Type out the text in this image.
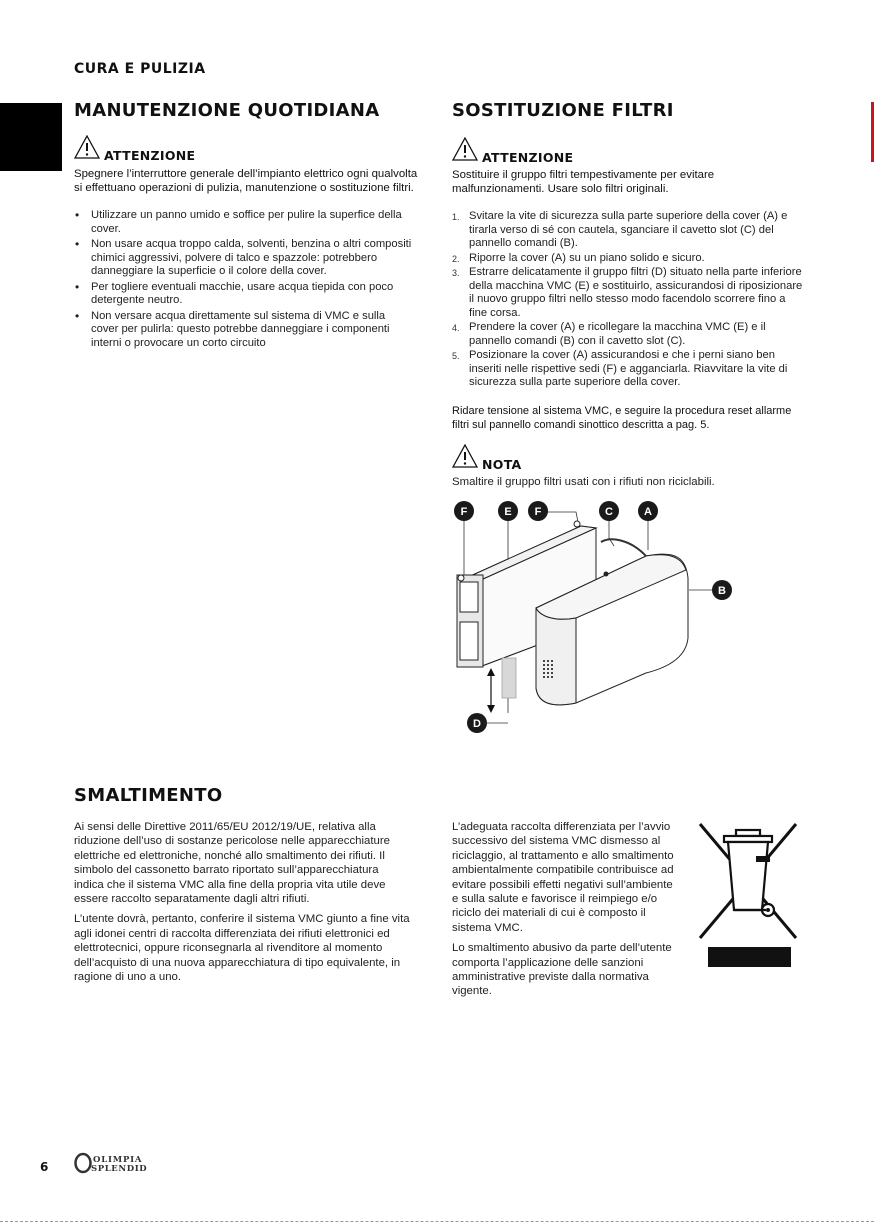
CURA E PULIZIA
MANUTENZIONE QUOTIDIANA
ATTENZIONE

Spegnere l’interruttore generale dell’impianto elettrico ogni qualvolta si effettuano operazioni di pulizia, manutenzione o sostituzione filtri.

• Utilizzare un panno umido e soffice per pulire la superfice della cover.
• Non usare acqua troppo calda, solventi, benzina o altri compositi chimici aggressivi, polvere di talco e spazzole: potrebbero danneggiare la superficie o il colore della cover.
• Per togliere eventuali macchie, usare acqua tiepida con poco detergente neutro.
• Non versare acqua direttamente sul sistema di VMC e sulla cover per pulirla: questo potrebbe danneggiare i componenti interni o provocare un corto circuito
SOSTITUZIONE FILTRI
ATTENZIONE

Sostituire il gruppo filtri tempestivamente per evitare malfunzionamenti. Usare solo filtri originali.

1. Svitare la vite di sicurezza sulla parte superiore della cover (A) e tirarla verso di sé con cautela, sganciare il cavetto slot (C) del pannello comandi (B).
2. Riporre la cover (A) su un piano solido e sicuro.
3. Estrarre delicatamente il gruppo filtri (D) situato nella parte inferiore della macchina VMC (E) e sostituirlo, assicurandosi di riposizionare il nuovo gruppo filtri nello stesso modo facendolo scorrere fino a fine corsa.
4. Prendere la cover (A) e ricollegare la macchina VMC (E) e il pannello comandi (B) con il cavetto slot (C).
5. Posizionare la cover (A) assicurandosi e che i perni siano ben inseriti nelle rispettive sedi (F) e agganciarla. Riavvitare la vite di sicurezza sulla parte superiore della cover.

Ridare tensione al sistema VMC, e seguire la procedura reset allarme filtri sul pannello comandi sinottico descritta a pag. 5.

NOTA

Smaltire il gruppo filtri usati con i rifiuti non riciclabili.

F	E F	C	A
B
D
SMALTIMENTO

Ai sensi delle Direttive 2011/65/EU 2012/19/UE, relativa alla riduzione dell’uso di sostanze pericolose nelle apparecchiature elettriche ed elettroniche, nonché allo smaltimento dei rifiuti. Il simbolo del cassonetto barrato riportato sull’apparecchiatura indica che il sistema VMC alla fine della propria vita utile deve essere raccolto separatamente dagli altri rifiuti.

L’utente dovrà, pertanto, conferire il sistema VMC giunto a fine vita agli idonei centri di raccolta differenziata dei rifiuti elettronici ed elettrotecnici, oppure riconsegnarla al rivenditore al momento dell’acquisto di una nuova apparecchiatura di tipo equivalente, in ragione di uno a uno.

L’adeguata raccolta differenziata per l’avvio successivo del sistema VMC dismesso al riciclaggio, al trattamento e allo smaltimento ambientalmente compatibile contribuisce ad evitare possibili effetti negativi sull’ambiente e sulla salute e favorisce il reimpiego e/o riciclo dei materiali di cui è composto il sistema VMC.

Lo smaltimento abusivo da parte dell’utente comporta l’applicazione delle sanzioni amministrative previste dalla normativa vigente.

6	OLIMPIA
SPLENDID
